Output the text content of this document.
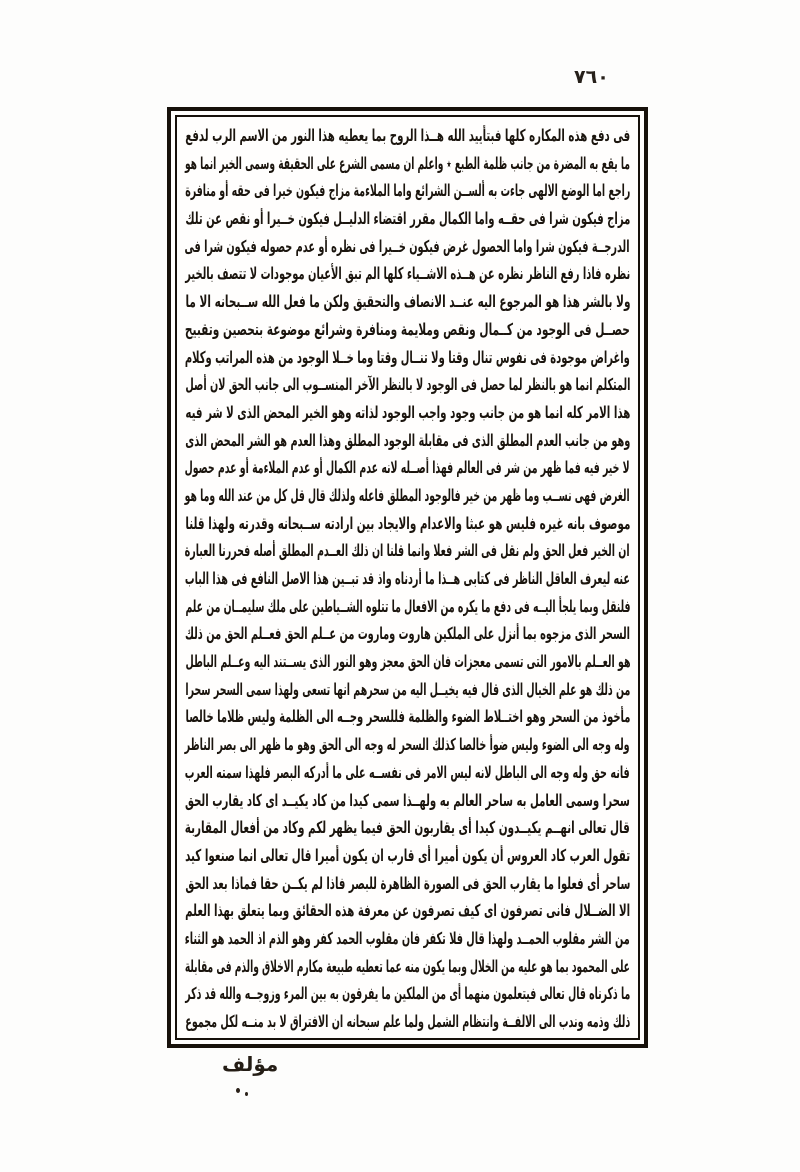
٧٦٠
فى دفع هذه المكاره كلها فبتأييد الله هــذا الروح بما يعطيه هذا النور من الاسم الرب لدفع
ما يقع به المضرة من جانب ظلمة الطبع ٭ واعلم ان مسمى الشرع على الحقيقة وسمى الخير انما هو
راجع اما الوضع الالهى جاءت به ألســن الشرائع واما الملاءمة مزاج فيكون خيرا فى حقه أو منافرة
مزاج فيكون شرا فى حقــه واما الكمال مقرر اقتضاء الدليــل فيكون خــيرا أو نقص عن تلك
الدرجــة فيكون شرا واما الحصول غرض فيكون خــيرا فى نظره أو عدم حصوله فيكون شرا فى
نظره فاذا رفع الناظر نظره عن هــذه الاشــياء كلها الم تبق الأعيان موجودات لا تتصف بالخير
ولا بالشر هذا هو المرجوع اليه عنــد الانصاف والتحقيق ولكن ما فعل الله ســبحانه الا ما
حصــل فى الوجود من كــمال ونقص وملايمة ومنافرة وشرائع موضوعة بتحصين وتقبيح
واغراض موجودة فى نفوس تنال وقتا ولا تنــال وقتا وما خــلا الوجود من هذه المراتب وكلام
المتكلم انما هو بالنظر لما حصل فى الوجود لا بالنظر الآخر المنســوب الى جانب الحق لان أصل
هذا الامر كله انما هو من جانب وجود واجب الوجود لذاته وهو الخير المحض الذى لا شر فيه
وهو من جانب العدم المطلق الذى فى مقابلة الوجود المطلق وهذا العدم هو الشر المحض الذى
لا خير فيه فما ظهر من شر فى العالم فهذا أصــله لانه عدم الكمال أو عدم الملاءمة أو عدم حصول
الغرض فهى نســب وما ظهر من خير فالوجود المطلق فاعله ولذلك قال قل كل من عند الله وما هو
موصوف بانه غيره فليس هو عبثا والاعدام والايجاد بين ارادته ســبحانه وقدرته ولهذا قلنا
ان الخير فعل الحق ولم نقل فى الشر فعلا وانما قلنا ان ذلك العــدم المطلق أصله فحررنا العبارة
عنه ليعرف العاقل الناظر فى كتابى هــذا ما أردناه واذ قد تبــين هذا الاصل النافع فى هذا الباب
فلنقل وبما يلجأ اليــه فى دفع ما يكره من الافعال ما تتلوه الشــياطين على ملك سليمــان من علم
السحر الذى مزجوه بما أنزل على الملكين هاروت وماروت من عــلم الحق فعــلم الحق من ذلك
هو العــلم بالامور التى تسمى معجزات فان الحق معجز وهو النور الذى يســتند اليه وعــلم الباطل
من ذلك هو علم الخيال الذى قال فيه يخيــل اليه من سحرهم انها تسعى ولهذا سمى السحر سحرا
مأخوذ من السحر وهو اختــلاط الضوء والظلمة فللسحر وجــه الى الظلمة وليس ظلاما خالصا
وله وجه الى الضوء وليس ضوأ خالصا كذلك السحر له وجه الى الحق وهو ما ظهر الى بصر الناظر
فانه حق وله وجه الى الباطل لانه ليس الامر فى نفســه على ما أدركه البصر فلهذا سمته العرب
سحرا وسمى العامل به ساحر العالم به ولهــذا سمى كيدا من كاد يكيــد اى كاد يقارب الحق
قال تعالى انهــم يكيــدون كيدا أى يقاربون الحق فيما يظهر لكم وكاد من أفعال المقاربة
تقول العرب كاد العروس أن يكون أميرا أى قارب ان يكون أميرا قال تعالى انما صنعوا كيد
ساحر أى فعلوا ما يقارب الحق فى الصورة الظاهرة للبصر فاذا لم يكــن حقا فماذا بعد الحق
الا الضــلال فانى تصرفون اى كيف تصرفون عن معرفة هذه الحقائق وبما يتعلق بهذا العلم
من الشر مقلوب الحمــد ولهذا قال فلا تكفر فان مقلوب الحمد كفر وهو الذم اذ الحمد هو الثناء
على المحمود بما هو عليه من الخلال وبما يكون منه عما تعطيه طبيعة مكارم الاخلاق والذم فى مقابلة
ما ذكرناه قال تعالى فيتعلمون منهما أى من الملكين ما يفرقون به بين المرء وزوجــه والله قد ذكر
ذلك وذمه وندب الى الالفــة وانتظام الشمل ولما علم سبحانه ان الافتراق لا بد منــه لكل مجموع
مؤلف
